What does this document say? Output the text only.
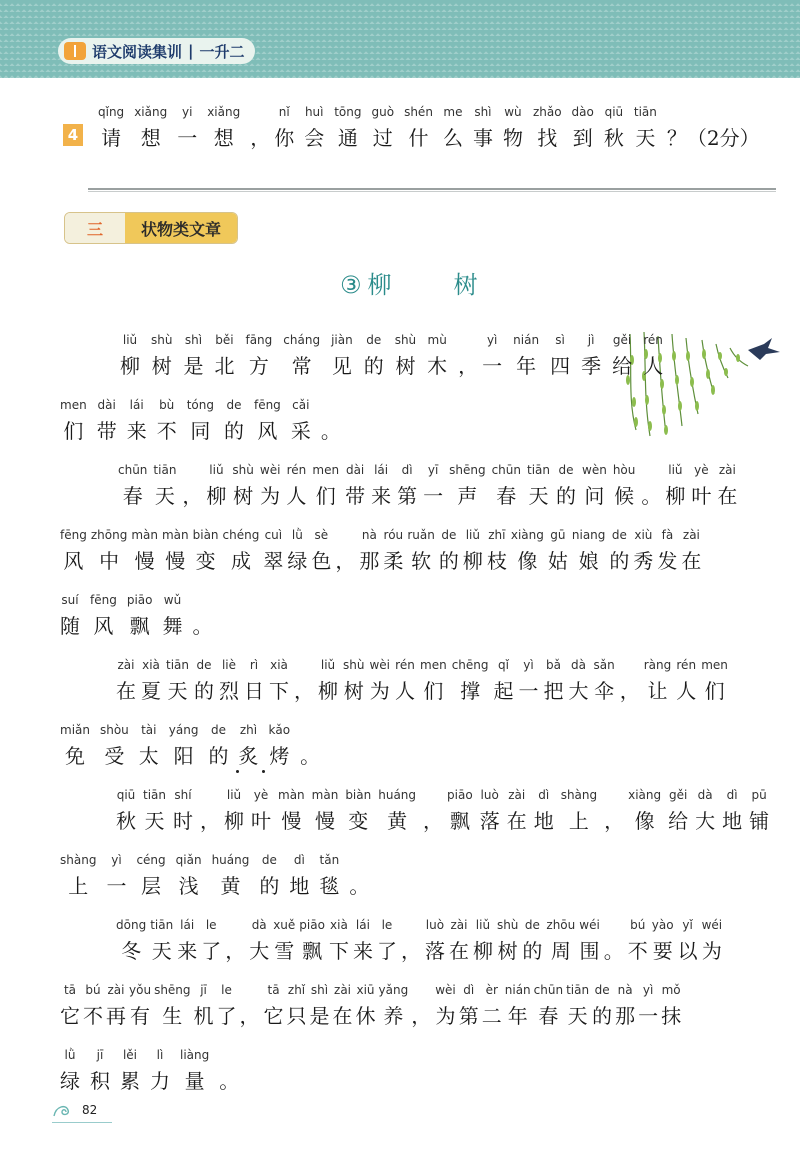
语文阅读集训 | 一升二
4
qǐng
请
xiǎng
想
yi
一
xiǎng
想 ，
nǐ
你
huì
会
tōng
通
guò
过
shén
什
me
么
shì
事
wù
物
zhǎo
找
dào
到
qiū
秋
tiān
天 ？（2分）
三	状物类文章
③ 柳	树
liǔ
柳
shù
树
shì
是
běi
北
fāng
方
cháng
常
jiàn
见
de
的
shù
树
mù
木 ，
yì
一
nián
年
sì
四
jì
季
gěi
给
rén
人
men
们
dài
带
lái
来
bù
不
tóng
同
de
的
fēng
风
cǎi
采 。
chūn
春
tiān
天 ，
liǔ
柳
shù
树
wèi
为
rén
人
men
们
dài
带
lái
来
dì
第
yī
一
shēng
声
chūn
春
tiān
天
de
的
wèn
问
hòu
候 。
liǔ
柳
yè
叶
zài
在
fēng
风
zhōng
中
màn
慢
màn
慢
biàn
变
chéng
成
cuì
翠
lǜ
绿
sè
色 ，
nà
那
róu
柔
ruǎn
软
de
的
liǔ
柳
zhī
枝
xiàng
像
gū
姑
niang
娘
de
的
xiù
秀
fà
发
zài
在
suí
随
fēng
风
piāo
飘
wǔ
舞 。
zài
在
xià
夏
tiān
天
de
的
liè
烈
rì
日
xià
下 ，
liǔ
柳
shù
树
wèi
为
rén
人
men
们
chēng
撑
qǐ
起
yì
一
bǎ
把
dà
大
sǎn
伞 ，
ràng
让
rén
人
men
们
miǎn
免
shòu
受
tài
太
yáng
阳
de
的
zhì
炙
kǎo
烤 。
qiū
秋
tiān
天
shí
时 ，
liǔ
柳
yè
叶
màn
慢
màn
慢
biàn
变
huáng
黄 ，
piāo
飘
luò
落
zài
在
dì
地
shàng
上 ，
xiàng
像
gěi
给
dà
大
dì
地
pū
铺
shàng
上
yì
一
céng
层
qiǎn
浅
huáng
黄
de
的
dì
地
tǎn
毯 。
dōng
冬
tiān
天
lái
来
le
了 ，
dà
大
xuě
雪
piāo
飘
xià
下
lái
来
le
了 ，
luò
落
zài
在
liǔ
柳
shù
树
de
的
zhōu
周
wéi
围 。
bú
不
yào
要
yǐ
以
wéi
为
tā
它
bú
不
zài
再
yǒu
有
shēng
生
jī
机
le
了 ，
tā
它
zhǐ
只
shì
是
zài
在
xiū
休
yǎng
养 ，
wèi
为
dì
第
èr
二
nián
年
chūn
春
tiān
天
de
的
nà
那
yì
一
mǒ
抹
lǜ
绿
jī
积
lěi
累
lì
力
liàng
量 。
82
